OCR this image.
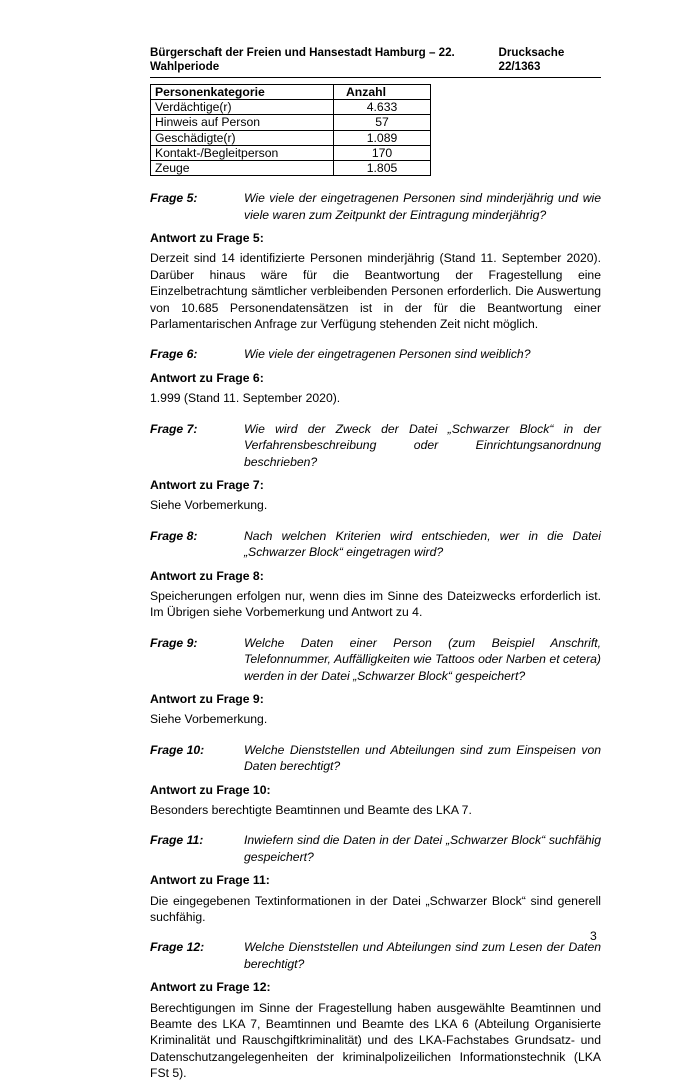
Bürgerschaft der Freien und Hansestadt Hamburg – 22. Wahlperiode
Drucksache 22/1363
Personenkategorie	Anzahl
Verdächtige(r)	4.633
Hinweis auf Person	57
Geschädigte(r)	1.089
Kontakt-/Begleitperson	170
Zeuge	1.805
Frage 5:	Wie viele der eingetragenen Personen sind minderjährig und wie viele waren zum Zeitpunkt der Eintragung minderjährig?
Antwort zu Frage 5:
Derzeit sind 14 identifizierte Personen minderjährig (Stand 11. September 2020). Darüber hinaus wäre für die Beantwortung der Fragestellung eine Einzelbetrachtung sämtlicher verbleibenden Personen erforderlich. Die Auswertung von 10.685 Personendatensätzen ist in der für die Beantwortung einer Parlamentarischen Anfrage zur Verfügung stehenden Zeit nicht möglich.
Frage 6:	Wie viele der eingetragenen Personen sind weiblich?
Antwort zu Frage 6:
1.999 (Stand 11. September 2020).
Frage 7:	Wie wird der Zweck der Datei „Schwarzer Block“ in der Verfahrensbeschreibung oder Einrichtungsanordnung beschrieben?
Antwort zu Frage 7:
Siehe Vorbemerkung.
Frage 8:	Nach welchen Kriterien wird entschieden, wer in die Datei „Schwarzer Block“ eingetragen wird?
Antwort zu Frage 8:
Speicherungen erfolgen nur, wenn dies im Sinne des Dateizwecks erforderlich ist. Im Übrigen siehe Vorbemerkung und Antwort zu 4.
Frage 9:	Welche Daten einer Person (zum Beispiel Anschrift, Telefonnummer, Auffälligkeiten wie Tattoos oder Narben et cetera) werden in der Datei „Schwarzer Block“ gespeichert?
Antwort zu Frage 9:
Siehe Vorbemerkung.
Frage 10:	Welche Dienststellen und Abteilungen sind zum Einspeisen von Daten berechtigt?
Antwort zu Frage 10:
Besonders berechtigte Beamtinnen und Beamte des LKA 7.
Frage 11:	Inwiefern sind die Daten in der Datei „Schwarzer Block“ suchfähig gespeichert?
Antwort zu Frage 11:
Die eingegebenen Textinformationen in der Datei „Schwarzer Block“ sind generell suchfähig.
Frage 12:	Welche Dienststellen und Abteilungen sind zum Lesen der Daten berechtigt?
Antwort zu Frage 12:
Berechtigungen im Sinne der Fragestellung haben ausgewählte Beamtinnen und Beamte des LKA 7, Beamtinnen und Beamte des LKA 6 (Abteilung Organisierte Kriminalität und Rauschgiftkriminalität) und des LKA-Fachstabes Grundsatz- und Datenschutzangelegenheiten der kriminalpolizeilichen Informationstechnik (LKA FSt 5).
3
